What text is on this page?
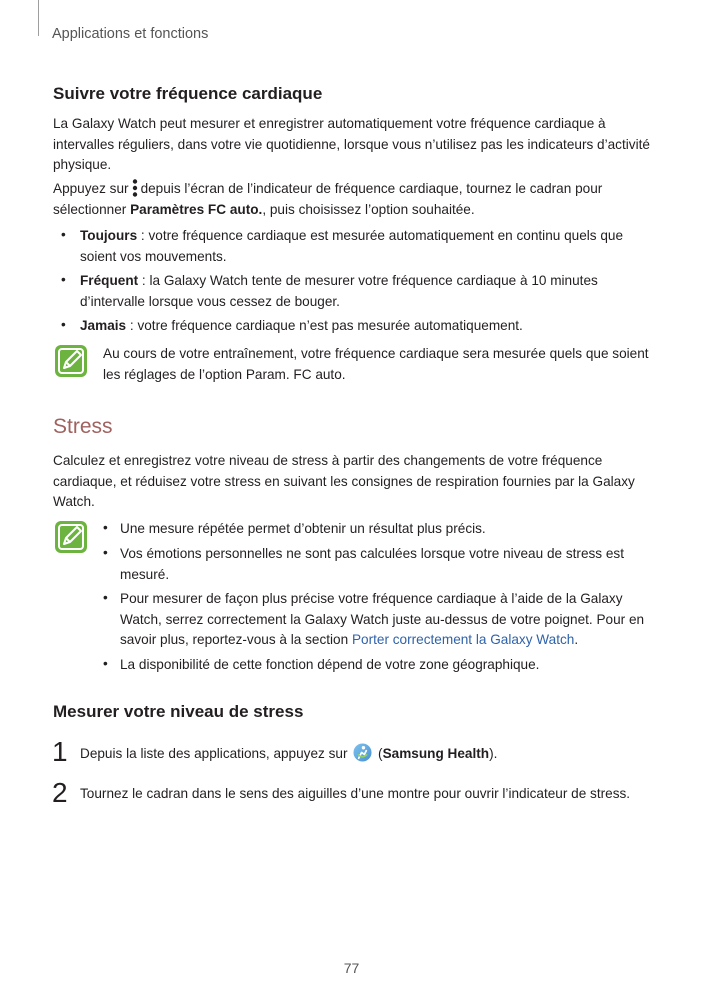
Applications et fonctions
Suivre votre fréquence cardiaque
La Galaxy Watch peut mesurer et enregistrer automatiquement votre fréquence cardiaque à intervalles réguliers, dans votre vie quotidienne, lorsque vous n’utilisez pas les indicateurs d’activité physique.
Appuyez sur depuis l’écran de l’indicateur de fréquence cardiaque, tournez le cadran pour sélectionner Paramètres FC auto., puis choisissez l’option souhaitée.
• Toujours : votre fréquence cardiaque est mesurée automatiquement en continu quels que soient vos mouvements.
• Fréquent : la Galaxy Watch tente de mesurer votre fréquence cardiaque à 10 minutes d’intervalle lorsque vous cessez de bouger.
• Jamais : votre fréquence cardiaque n’est pas mesurée automatiquement.
Au cours de votre entraînement, votre fréquence cardiaque sera mesurée quels que soient les réglages de l’option Param. FC auto.
Stress
Calculez et enregistrez votre niveau de stress à partir des changements de votre fréquence cardiaque, et réduisez votre stress en suivant les consignes de respiration fournies par la Galaxy Watch.
• Une mesure répétée permet d’obtenir un résultat plus précis.
• Vos émotions personnelles ne sont pas calculées lorsque votre niveau de stress est mesuré.
• Pour mesurer de façon plus précise votre fréquence cardiaque à l’aide de la Galaxy Watch, serrez correctement la Galaxy Watch juste au-dessus de votre poignet. Pour en savoir plus, reportez-vous à la section Porter correctement la Galaxy Watch.
• La disponibilité de cette fonction dépend de votre zone géographique.
Mesurer votre niveau de stress
1 Depuis la liste des applications, appuyez sur  (Samsung Health).
2 Tournez le cadran dans le sens des aiguilles d’une montre pour ouvrir l’indicateur de stress.
77
